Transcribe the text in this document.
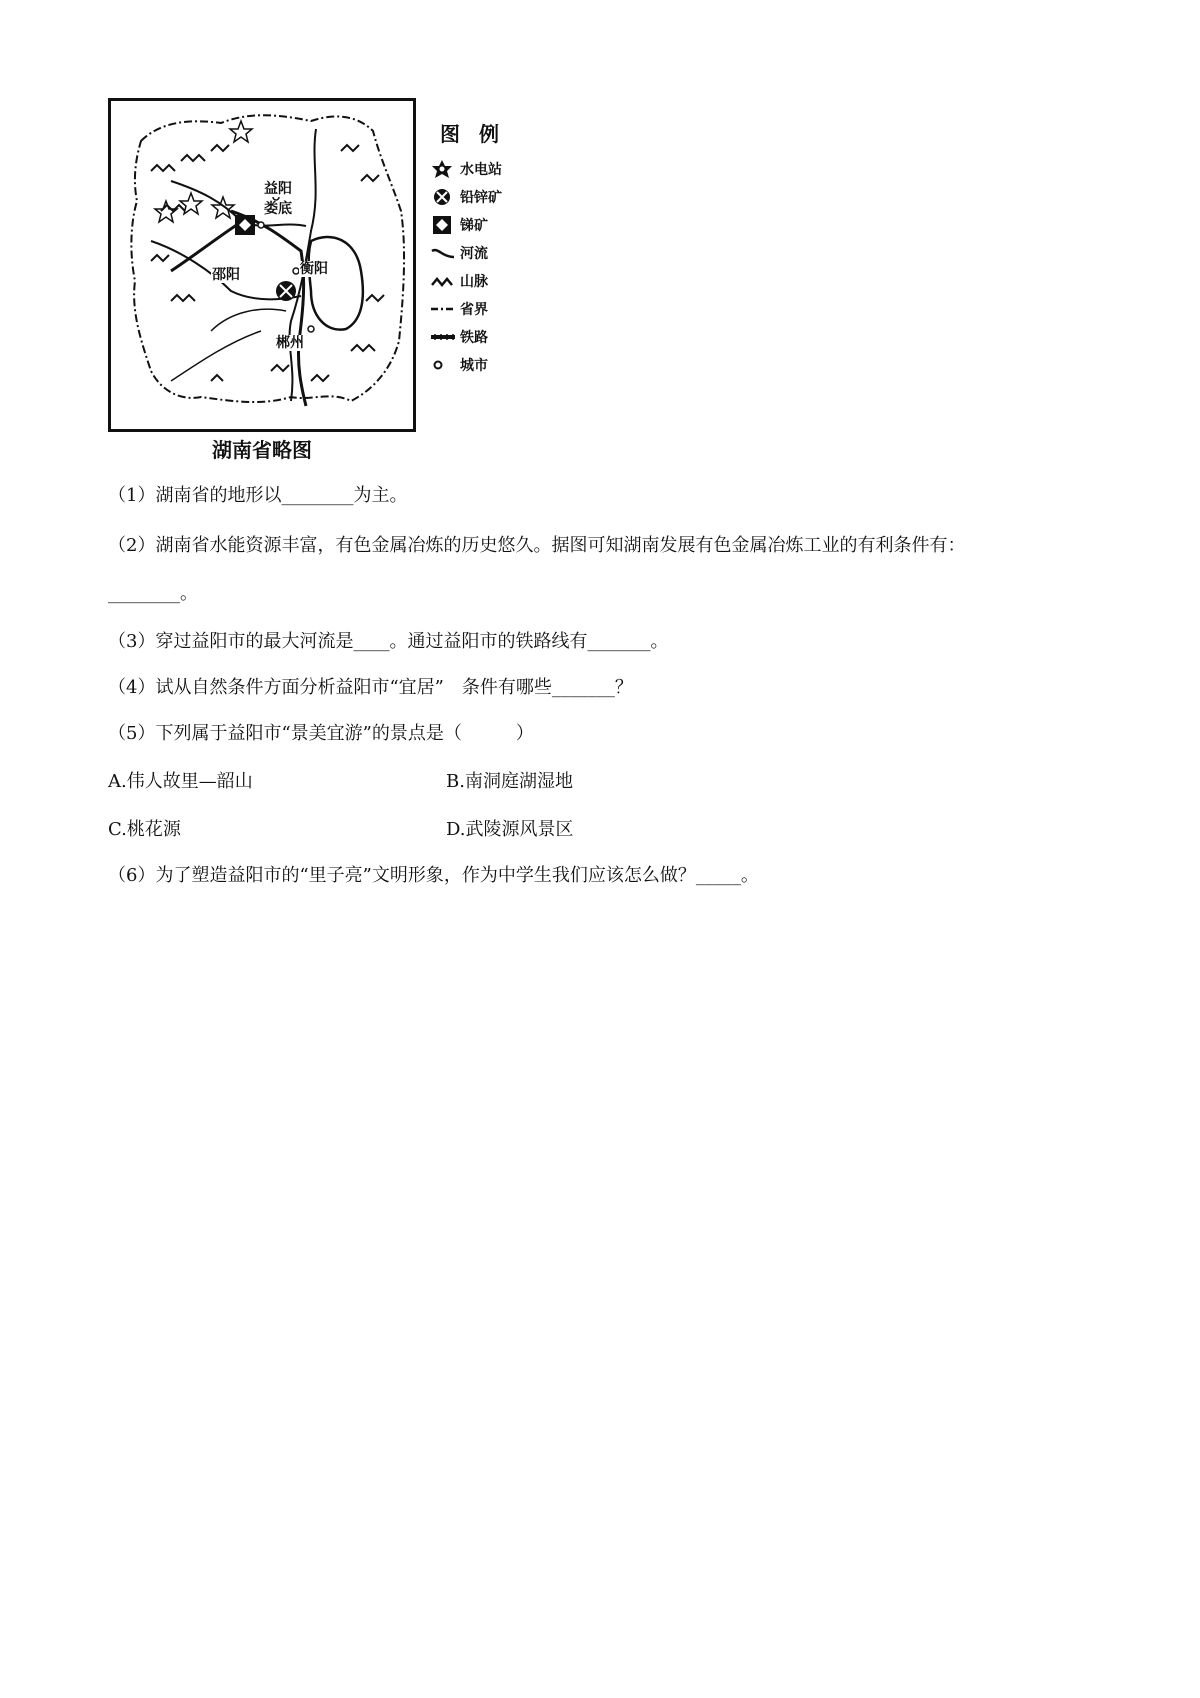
益阳
娄底
邵阳	衡阳
郴州
图 例
水电站
铅锌矿
锑矿
河流
山脉
省界
铁路
城市
湖南省略图
（1）湖南省的地形以________为主。
（2）湖南省水能资源丰富，有色金属冶炼的历史悠久。据图可知湖南发展有色金属冶炼工业的有利条件有：
________。
（3）穿过益阳市的最大河流是____。通过益阳市的铁路线有_______。
（4）试从自然条件方面分析益阳市“宜居”　条件有哪些_______？
（5）下列属于益阳市“景美宜游”的景点是（　　　）
A.伟人故里—韶山	B.南洞庭湖湿地
C.桃花源	D.武陵源风景区
（6）为了塑造益阳市的“里子亮”文明形象，作为中学生我们应该怎么做？_____。
